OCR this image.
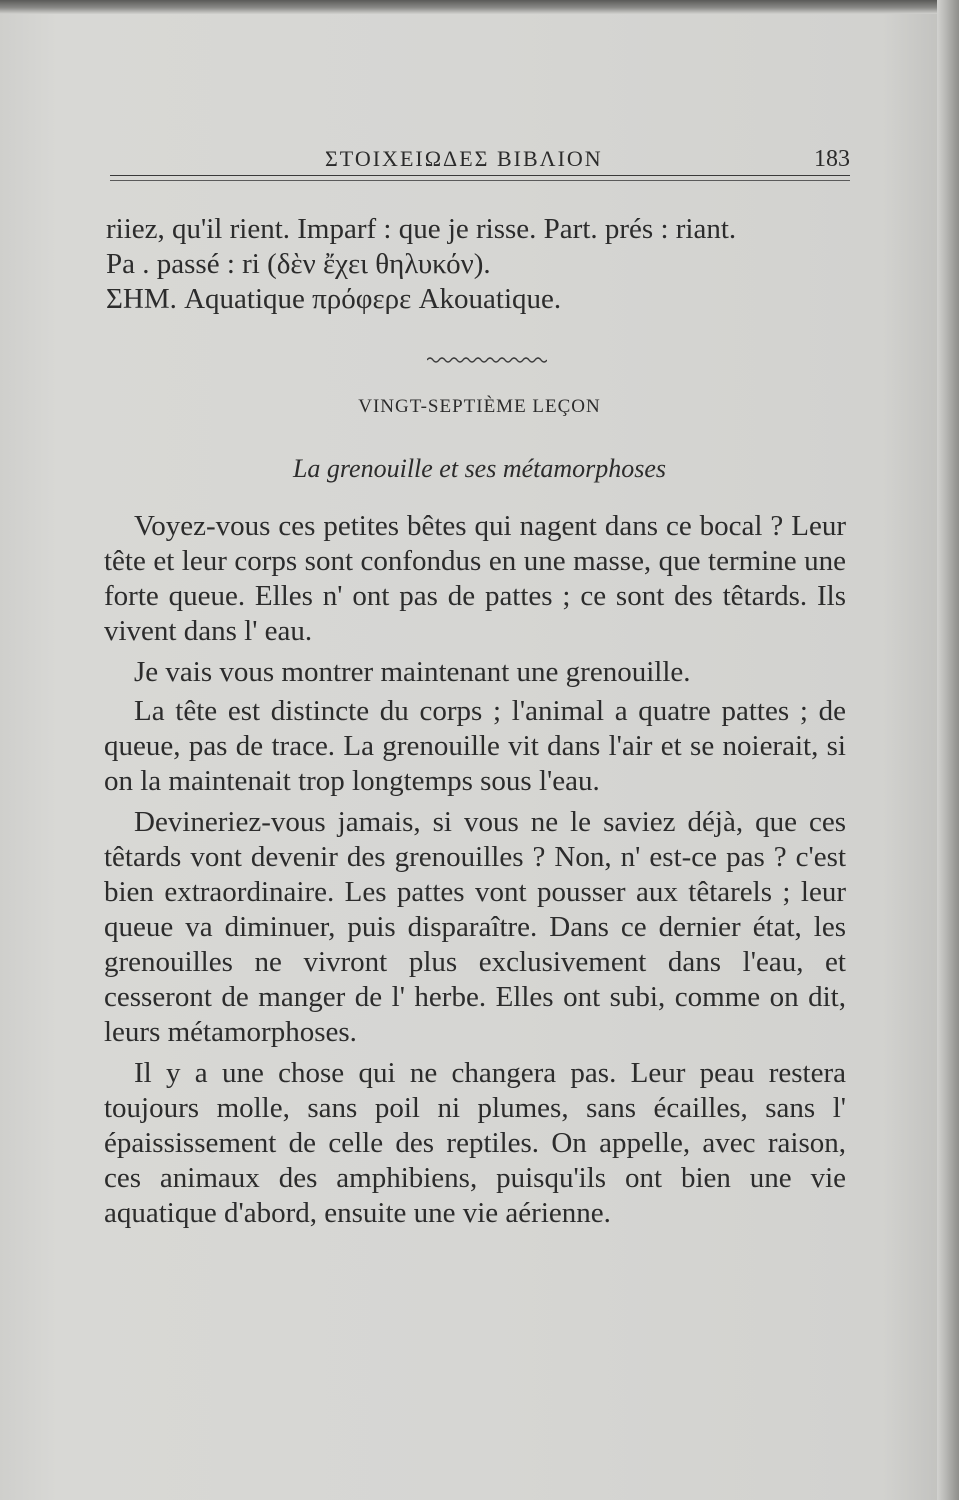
ΣΤΟΙΧΕΙΩΔΕΣ ΒΙΒΛΙΟΝ	183

riiez, qu'il rient. Imparf : que je risse. Part. prés : riant.

Pa . passé : ri (δὲν ἔχει θηλυκόν).

ΣΗΜ. Aquatique πρόφερε Akouatique.

VINGT-SEPTIÈME LEÇON
La grenouille et ses métamorphoses

Voyez-vous ces petites bêtes qui nagent dans ce bocal ? Leur tête et leur corps sont confondus en une masse, que termine une forte queue. Elles n' ont pas de pattes ; ce sont des têtards. Ils vivent dans l' eau.

Je vais vous montrer maintenant une grenouille.

La tête est distincte du corps ; l'animal a quatre pattes ; de queue, pas de trace. La grenouille vit dans l'air et se noierait, si on la maintenait trop longtemps sous l'eau.

Devineriez-vous jamais, si vous ne le saviez déjà, que ces têtards vont devenir des grenouilles ? Non, n' est-ce pas ? c'est bien extraordinaire. Les pattes vont pousser aux têtarels ; leur queue va diminuer, puis disparaître. Dans ce dernier état, les grenouilles ne vivront plus exclusivement dans l'eau, et cesseront de manger de l' herbe. Elles ont subi, comme on dit, leurs métamorphoses.

Il y a une chose qui ne changera pas. Leur peau restera toujours molle, sans poil ni plumes, sans écailles, sans l' épaississement de celle des reptiles. On appelle, avec raison, ces animaux des amphibiens, puisqu'ils ont bien une vie aquatique d'abord, ensuite une vie aérienne.
